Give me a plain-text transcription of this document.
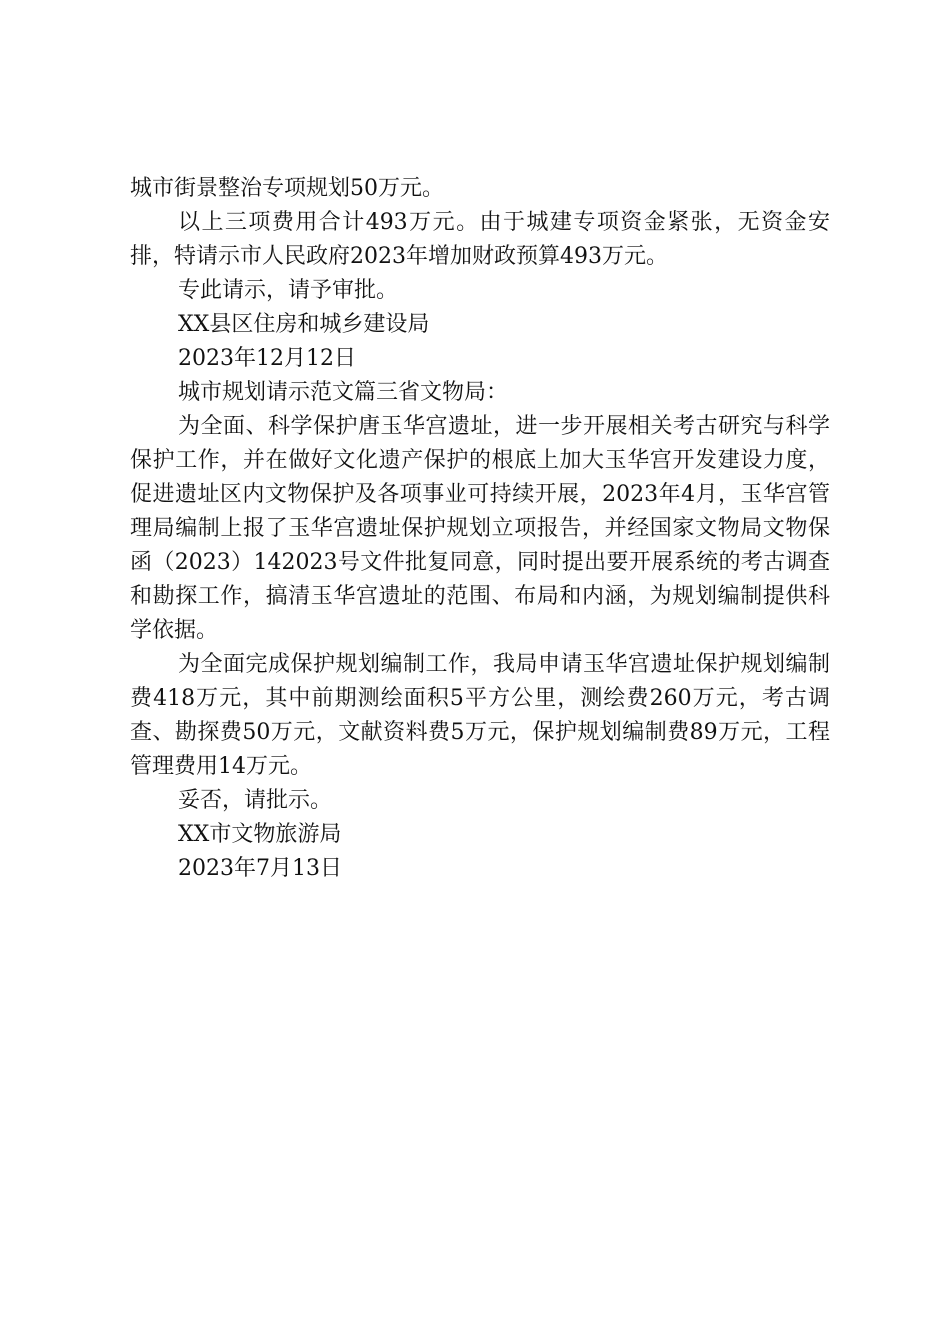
城市街景整治专项规划50万元。

以上三项费用合计493万元。由于城建专项资金紧张，无资金安排，特请示市人民政府2023年增加财政预算493万元。

专此请示，请予审批。

XX县区住房和城乡建设局

2023年12月12日

城市规划请示范文篇三省文物局：

为全面、科学保护唐玉华宫遗址，进一步开展相关考古研究与科学保护工作，并在做好文化遗产保护的根底上加大玉华宫开发建设力度，促进遗址区内文物保护及各项事业可持续开展，2023年4月，玉华宫管理局编制上报了玉华宫遗址保护规划立项报告，并经国家文物局文物保函（2023）142023号文件批复同意，同时提出要开展系统的考古调查和勘探工作，搞清玉华宫遗址的范围、布局和内涵，为规划编制提供科学依据。

为全面完成保护规划编制工作，我局申请玉华宫遗址保护规划编制费418万元，其中前期测绘面积5平方公里，测绘费260万元，考古调查、勘探费50万元，文献资料费5万元，保护规划编制费89万元，工程管理费用14万元。

妥否，请批示。

XX市文物旅游局

2023年7月13日
